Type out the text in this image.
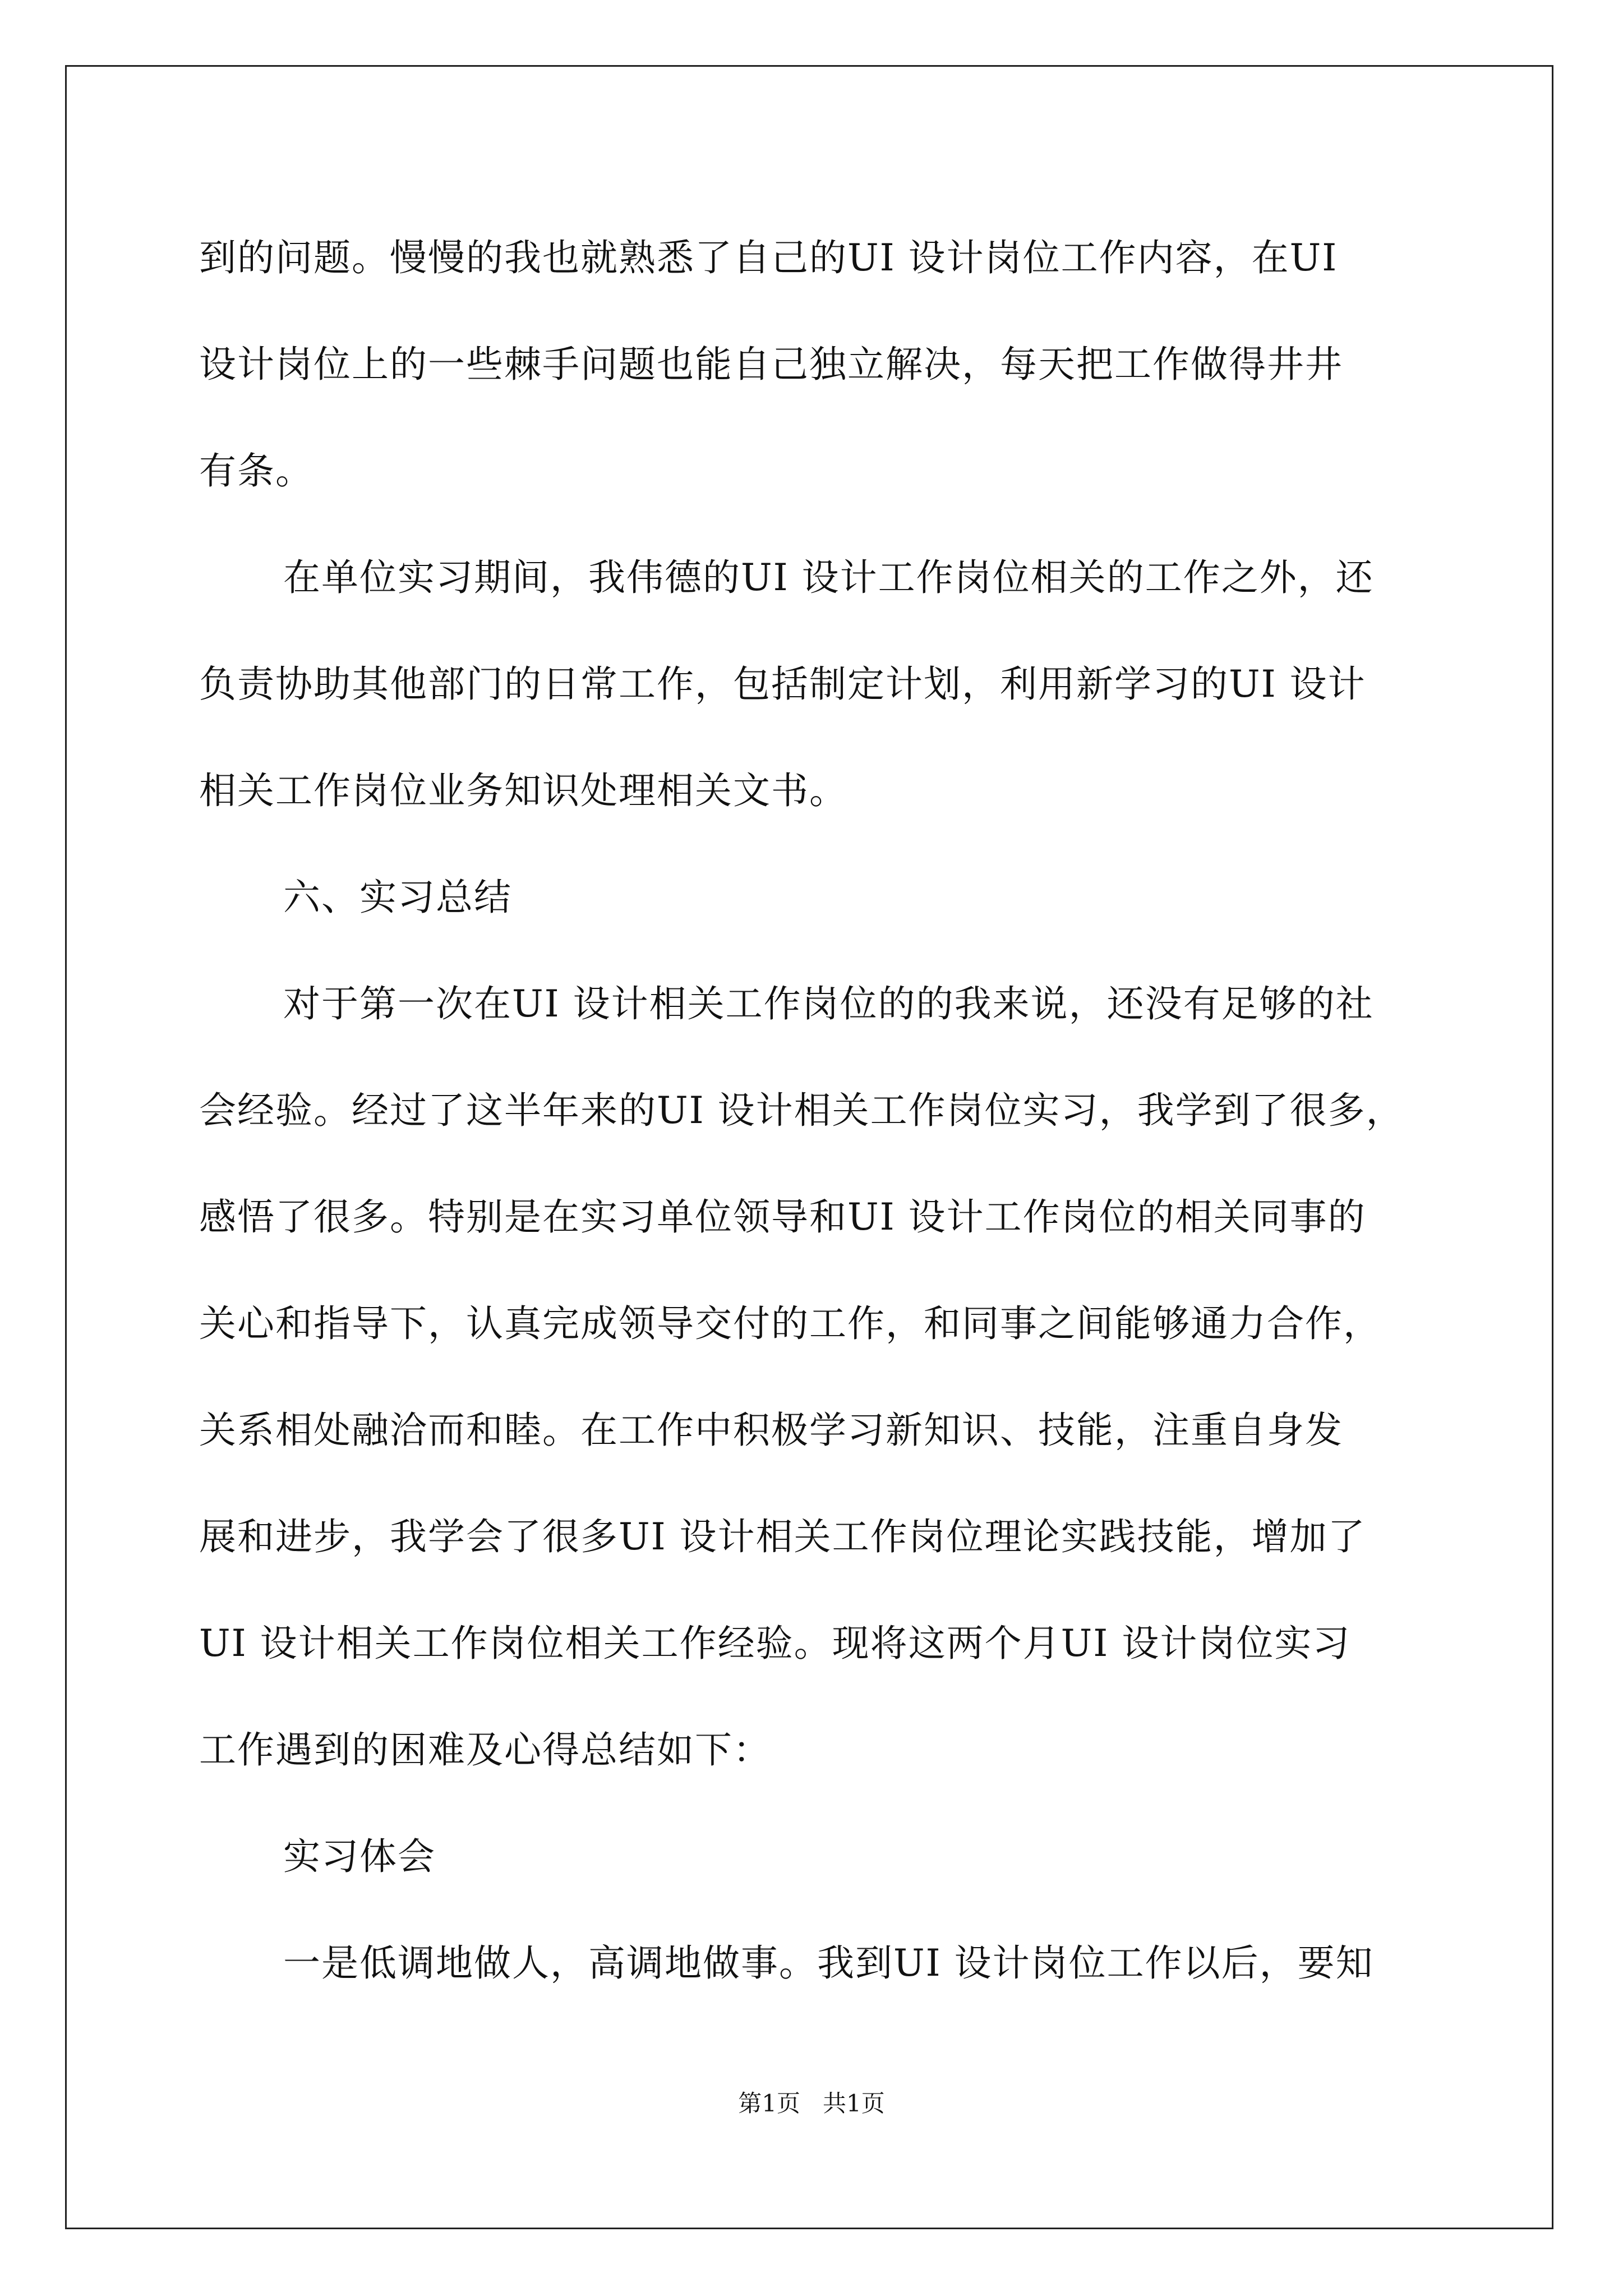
到的问题。慢慢的我也就熟悉了自己的UI 设计岗位工作内容，在UI
设计岗位上的一些棘手问题也能自己独立解决，每天把工作做得井井
有条。

在单位实习期间，我伟德的UI 设计工作岗位相关的工作之外，还
负责协助其他部门的日常工作，包括制定计划，利用新学习的UI 设计
相关工作岗位业务知识处理相关文书。

六、实习总结

对于第一次在UI 设计相关工作岗位的的我来说，还没有足够的社
会经验。经过了这半年来的UI 设计相关工作岗位实习，我学到了很多，
感悟了很多。特别是在实习单位领导和UI 设计工作岗位的相关同事的
关心和指导下，认真完成领导交付的工作，和同事之间能够通力合作，
关系相处融洽而和睦。在工作中积极学习新知识、技能，注重自身发
展和进步，我学会了很多UI 设计相关工作岗位理论实践技能，增加了
UI 设计相关工作岗位相关工作经验。现将这两个月UI 设计岗位实习
工作遇到的困难及心得总结如下：

实习体会

一是低调地做人，高调地做事。我到UI 设计岗位工作以后，要知

第1页   共1页
